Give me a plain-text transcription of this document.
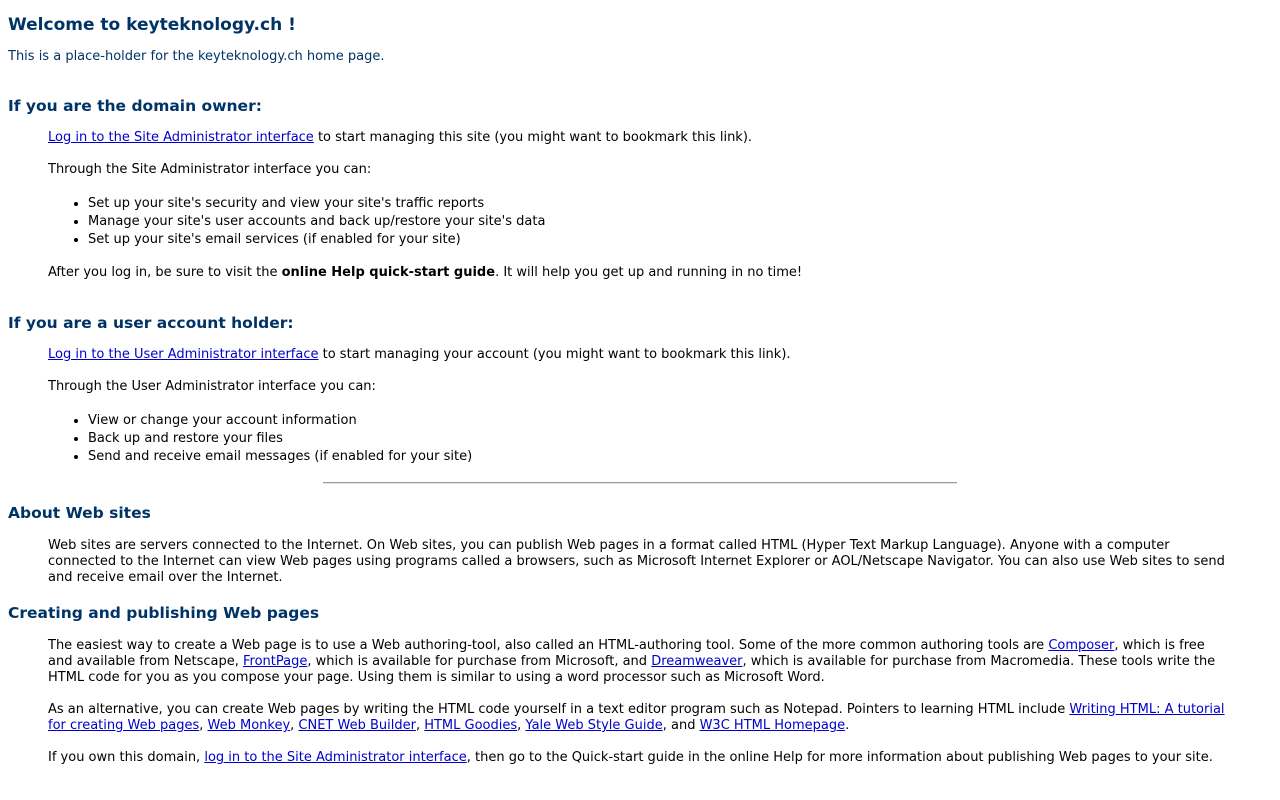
Welcome to keyteknology.ch !

This is a place-holder for the keyteknology.ch home page.

If you are the domain owner:

Log in to the Site Administrator interface to start managing this site (you might want to bookmark this link).

Through the Site Administrator interface you can:

• Set up your site's security and view your site's traffic reports
• Manage your site's user accounts and back up/restore your site's data
• Set up your site's email services (if enabled for your site)

After you log in, be sure to visit the online Help quick-start guide. It will help you get up and running in no time!

If you are a user account holder:

Log in to the User Administrator interface to start managing your account (you might want to bookmark this link).

Through the User Administrator interface you can:

• View or change your account information
• Back up and restore your files
• Send and receive email messages (if enabled for your site)
About Web sites

Web sites are servers connected to the Internet. On Web sites, you can publish Web pages in a format called HTML (Hyper Text Markup Language). Anyone with a computer connected to the Internet can view Web pages using programs called a browsers, such as Microsoft Internet Explorer or AOL/Netscape Navigator. You can also use Web sites to send and receive email over the Internet.

Creating and publishing Web pages

The easiest way to create a Web page is to use a Web authoring-tool, also called an HTML-authoring tool. Some of the more common authoring tools are Composer, which is free and available from Netscape, FrontPage, which is available for purchase from Microsoft, and Dreamweaver, which is available for purchase from Macromedia. These tools write the HTML code for you as you compose your page. Using them is similar to using a word processor such as Microsoft Word.

As an alternative, you can create Web pages by writing the HTML code yourself in a text editor program such as Notepad. Pointers to learning HTML include Writing HTML: A tutorial for creating Web pages, Web Monkey, CNET Web Builder, HTML Goodies, Yale Web Style Guide, and W3C HTML Homepage.

If you own this domain, log in to the Site Administrator interface, then go to the Quick-start guide in the online Help for more information about publishing Web pages to your site.
